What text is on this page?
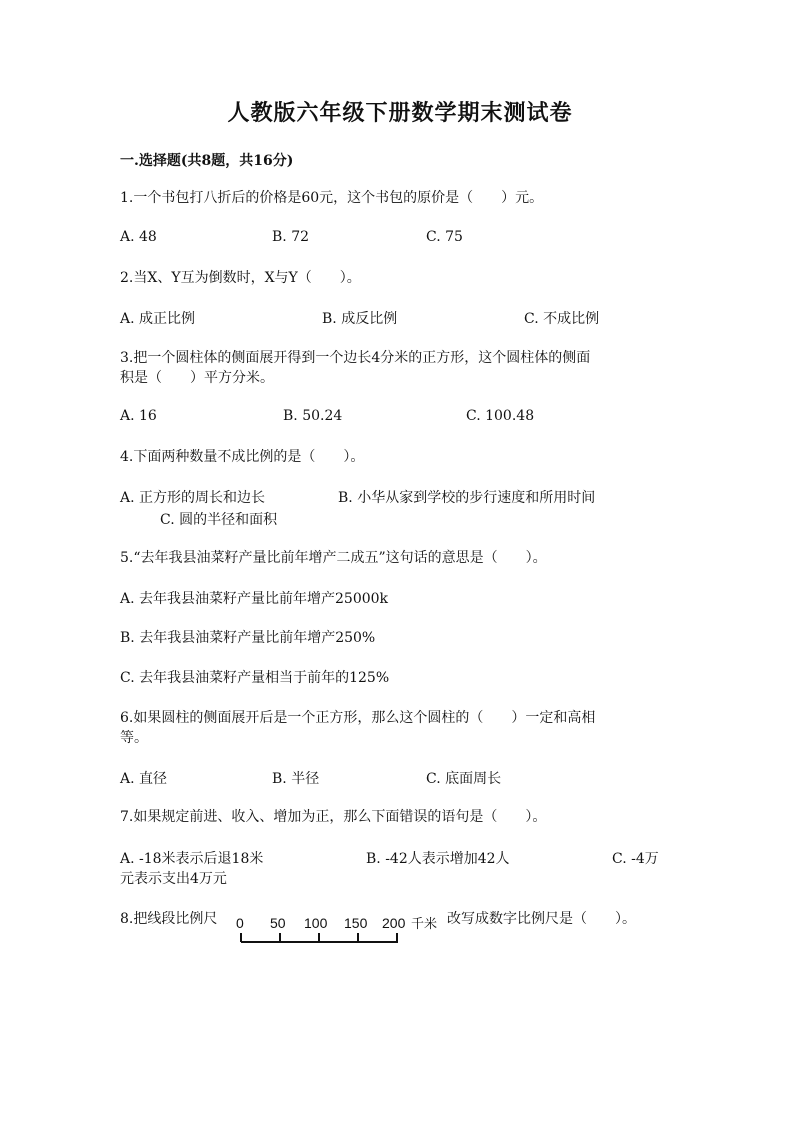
人教版六年级下册数学期末测试卷
一.选择题(共8题，共16分)
1.一个书包打八折后的价格是60元，这个书包的原价是（　　）元。
A. 48	B. 72	C. 75
2.当X、Y互为倒数时，X与Y（　　）。
A. 成正比例	B. 成反比例	C. 不成比例
3.把一个圆柱体的侧面展开得到一个边长4分米的正方形，这个圆柱体的侧面
积是（　　）平方分米。
A. 16	B. 50.24	C. 100.48
4.下面两种数量不成比例的是（　　）。
A. 正方形的周长和边长	B. 小华从家到学校的步行速度和所用时间
C. 圆的半径和面积
5.“去年我县油菜籽产量比前年增产二成五”这句话的意思是（　　）。
A. 去年我县油菜籽产量比前年增产25000k
B. 去年我县油菜籽产量比前年增产250%
C. 去年我县油菜籽产量相当于前年的125%
6.如果圆柱的侧面展开后是一个正方形，那么这个圆柱的（　　）一定和高相
等。
A. 直径	B. 半径	C. 底面周长
7.如果规定前进、收入、增加为正，那么下面错误的语句是（　　）。
A. -18米表示后退18米	B. -42人表示增加42人	C. -4万
元表示支出4万元
8.把线段比例尺 0 50 100 150 200 千米 改写成数字比例尺是（　　）。
